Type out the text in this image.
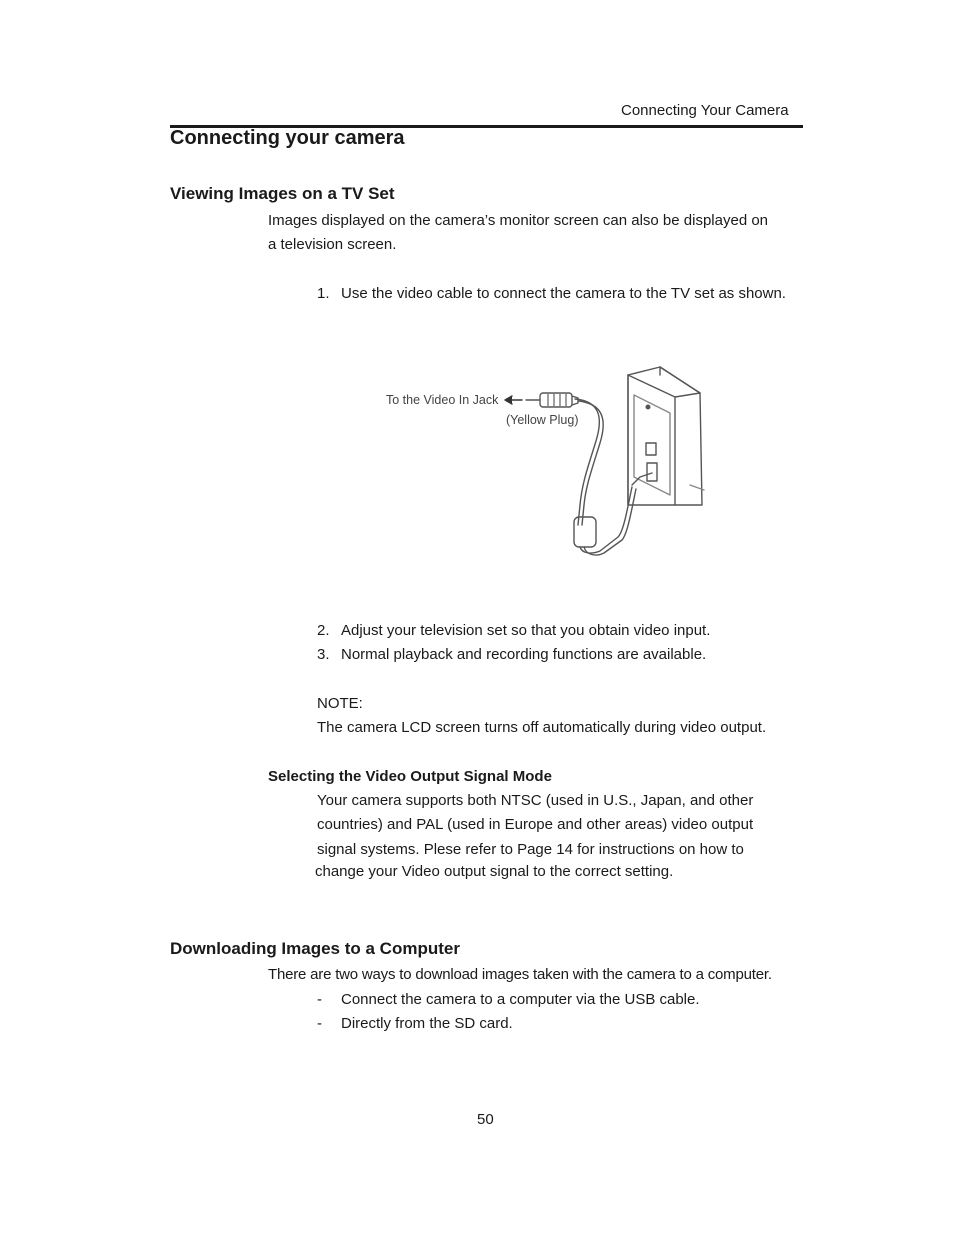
Connecting Your Camera
Connecting your camera
Viewing Images on a TV Set
Images displayed on the camera’s monitor screen can also be displayed on
a television screen.
1. Use the video cable to connect the camera to the TV set as shown.
To the Video In Jack
(Yellow Plug)
2. Adjust your television set so that you obtain video input.
3. Normal playback and recording functions are available.
NOTE:
The camera LCD screen turns off automatically during video output.
Selecting the Video Output Signal Mode
Your camera supports both NTSC (used in U.S., Japan, and other
countries) and PAL (used in Europe and other areas) video output
signal systems. Plese refer to Page 14 for instructions on how to
change your Video output signal to the correct setting.
Downloading Images to a Computer
There are two ways to download images taken with the camera to a computer.
- Connect the camera to a computer via the USB cable.
- Directly from the SD card.
50
